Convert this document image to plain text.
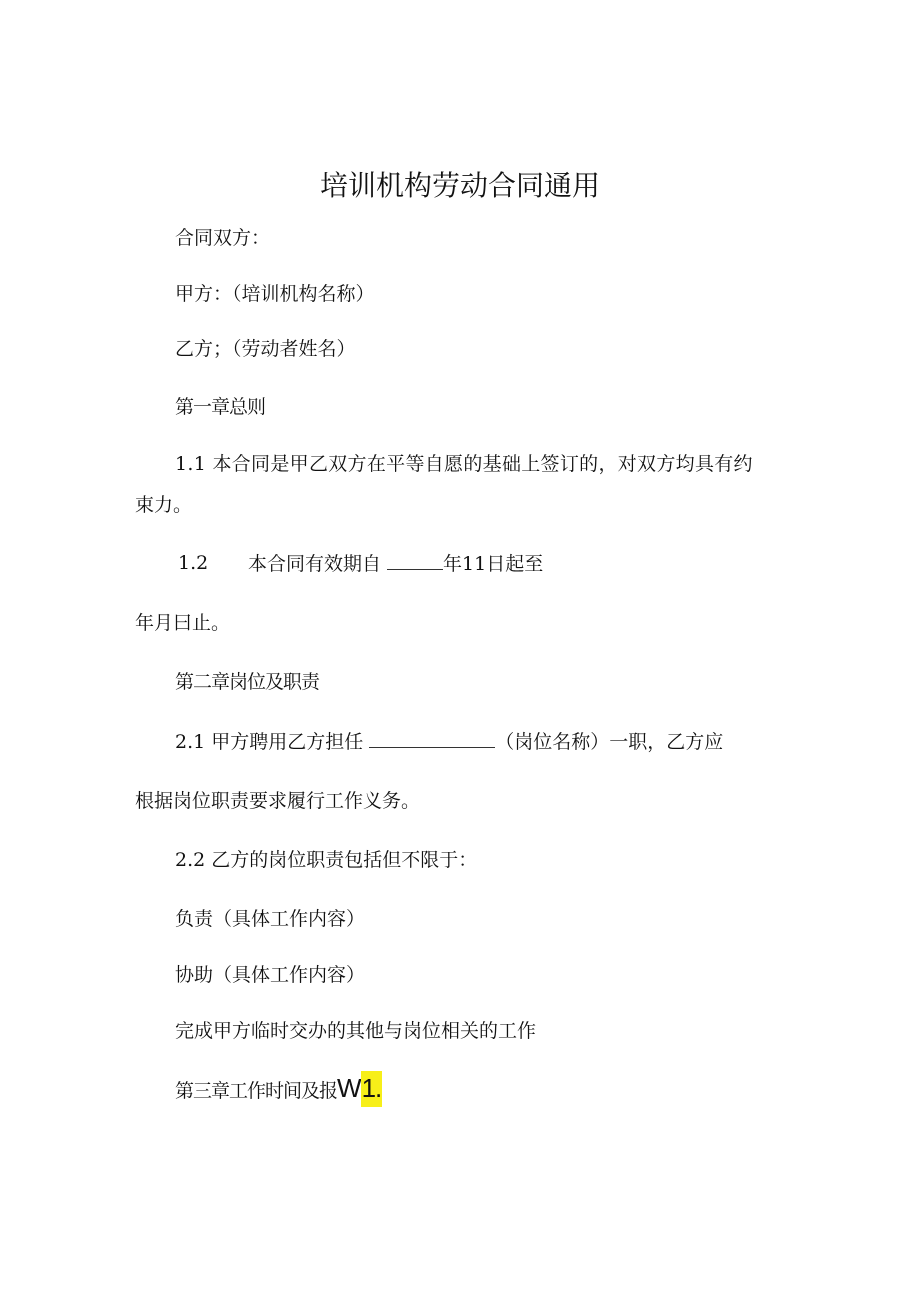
培训机构劳动合同通用
合同双方：
甲方：（培训机构名称）
乙方；（劳动者姓名）
第一章总则
1.1 本合同是甲乙双方在平等自愿的基础上签订的，对双方均具有约
束力。
1.2 本合同有效期自	年11日起至
年月曰止。
第二章岗位及职责
2.1 甲方聘用乙方担任	（岗位名称）一职，乙方应
根据岗位职责要求履行工作义务。
2.2 乙方的岗位职责包括但不限于：
负责（具体工作内容）
协助（具体工作内容）
完成甲方临时交办的其他与岗位相关的工作
第三章工作时间及报W1.
